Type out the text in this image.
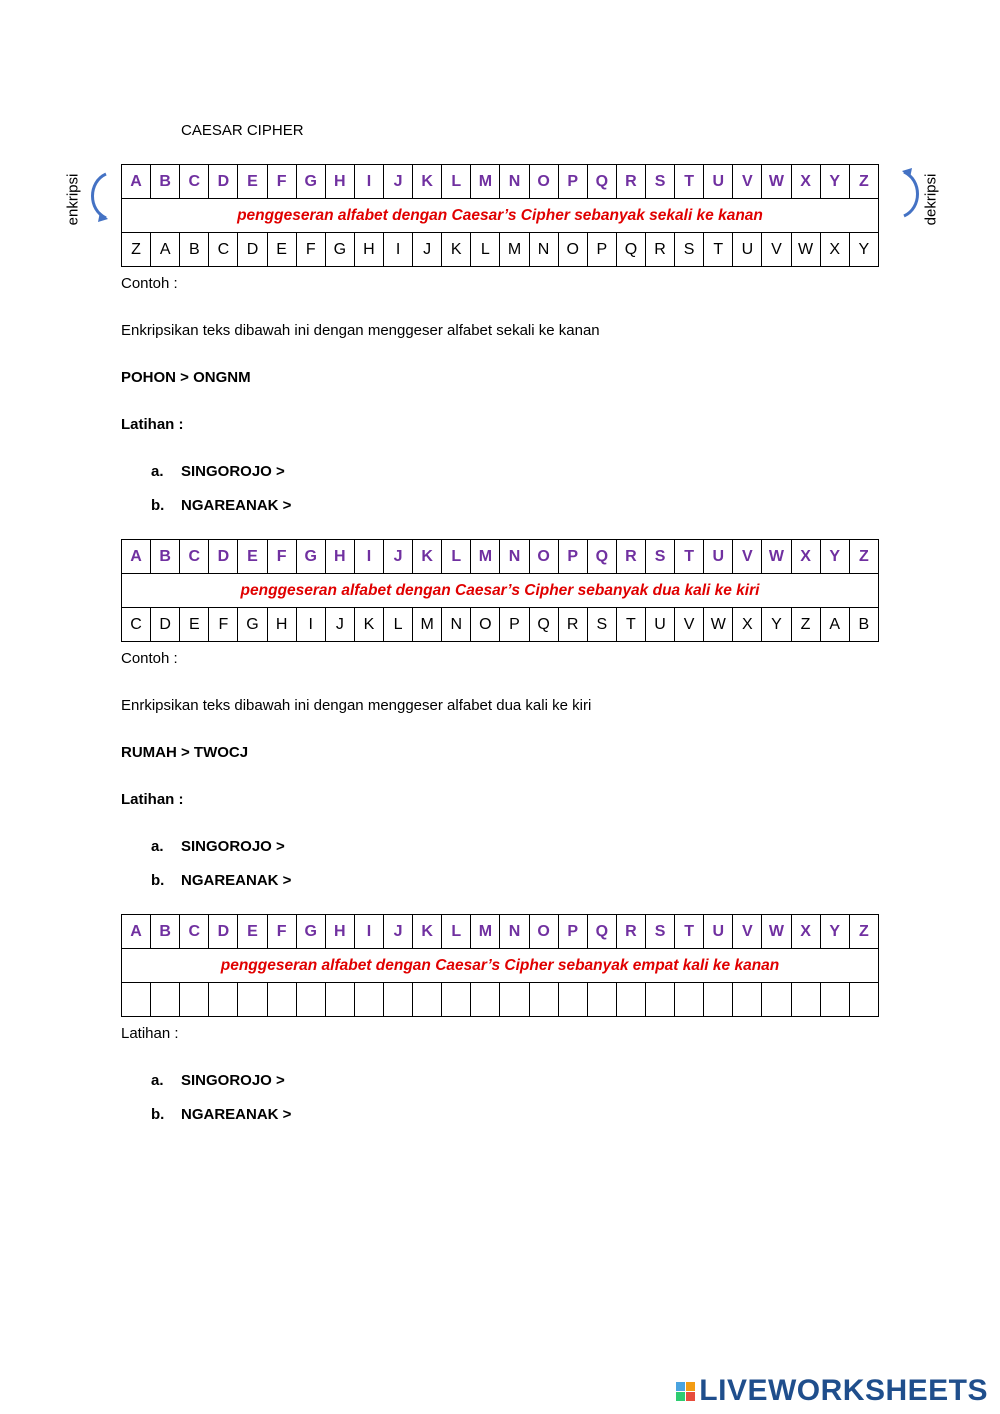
CAESAR CIPHER
enkripsi	dekripsi
A	B	C	D	E	F	G	H	I	J	K	L	M	N	O	P	Q	R	S	T	U	V	W	X	Y	Z
penggeseran alfabet dengan Caesar’s Cipher sebanyak sekali ke kanan																									
Z	A	B	C	D	E	F	G	H	I	J	K	L	M	N	O	P	Q	R	S	T	U	V	W	X	Y
Contoh :
Enkripsikan teks dibawah ini dengan menggeser alfabet sekali ke kanan
POHON > ONGNM
Latihan :
a. SINGOROJO >
b. NGAREANAK >
A	B	C	D	E	F	G	H	I	J	K	L	M	N	O	P	Q	R	S	T	U	V	W	X	Y	Z
penggeseran alfabet dengan Caesar’s Cipher sebanyak dua kali ke kiri																									
C	D	E	F	G	H	I	J	K	L	M	N	O	P	Q	R	S	T	U	V	W	X	Y	Z	A	B
Contoh :
Enrkipsikan teks dibawah ini dengan menggeser alfabet dua kali ke kiri
RUMAH > TWOCJ
Latihan :
a. SINGOROJO >
b. NGAREANAK >
A	B	C	D	E	F	G	H	I	J	K	L	M	N	O	P	Q	R	S	T	U	V	W	X	Y	Z
penggeseran alfabet dengan Caesar’s Cipher sebanyak empat kali ke kanan																									

Latihan :
a. SINGOROJO >
b. NGAREANAK >
LIVEWORKSHEETS
